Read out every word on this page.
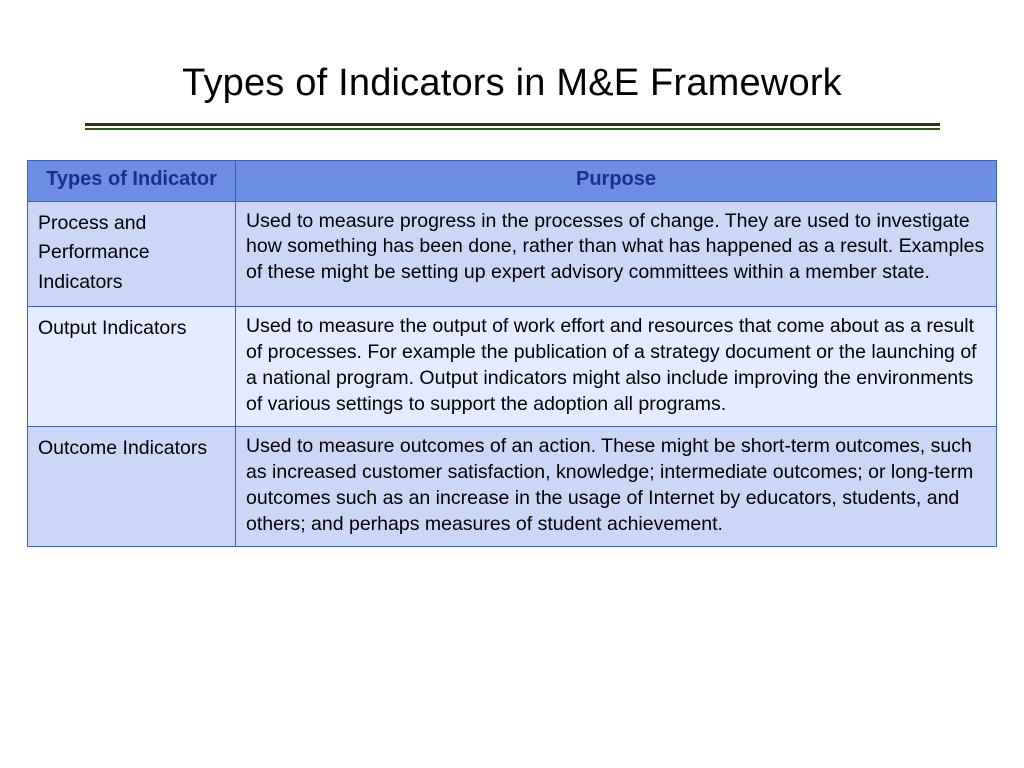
Types of Indicators in M&E Framework
Types of Indicator	Purpose
Process and Performance Indicators	Used to measure progress in the processes of change. They are used to investigate how something has been done, rather than what has happened as a result. Examples of these might be setting up expert advisory committees within a member state.
Output Indicators	Used to measure the output of work effort and resources that come about as a result of processes. For example the publication of a strategy document or the launching of a national program. Output indicators might also include improving the environments of various settings to support the adoption all programs.
Outcome Indicators	Used to measure outcomes of an action. These might be short-term outcomes, such as increased customer satisfaction, knowledge; intermediate outcomes; or long-term outcomes such as an increase in the usage of Internet by educators, students, and others; and perhaps measures of student achievement.
